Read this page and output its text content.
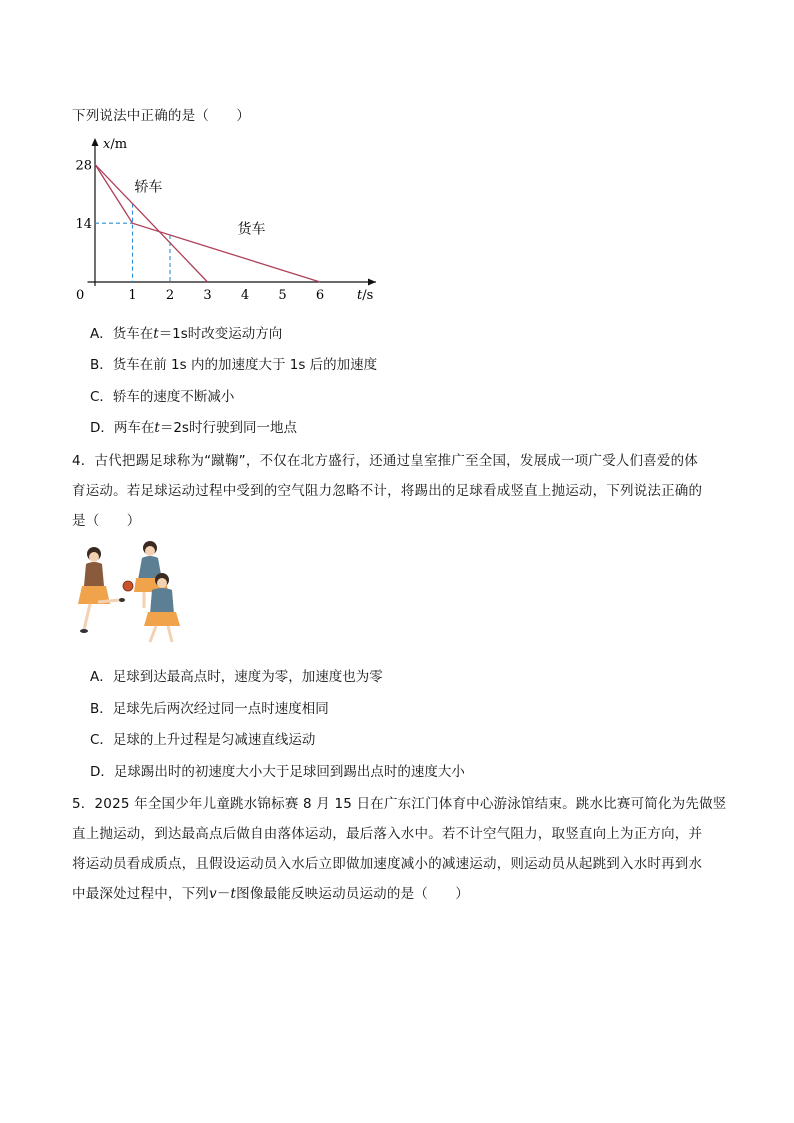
下列说法中正确的是（　　）
x/m
t/s
0	1 2 3 4 5 6
14
28
轿车
货车
A．货车在t＝1s时改变运动方向
B．货车在前 1s 内的加速度大于 1s 后的加速度
C．轿车的速度不断减小
D．两车在t＝2s时行驶到同一地点
4．古代把踢足球称为“蹴鞠”，不仅在北方盛行，还通过皇室推广至全国，发展成一项广受人们喜爱的体
育运动。若足球运动过程中受到的空气阻力忽略不计，将踢出的足球看成竖直上抛运动，下列说法正确的
是（　　）
A．足球到达最高点时，速度为零，加速度也为零
B．足球先后两次经过同一点时速度相同
C．足球的上升过程是匀减速直线运动
D．足球踢出时的初速度大小大于足球回到踢出点时的速度大小
5．2025 年全国少年儿童跳水锦标赛 8 月 15 日在广东江门体育中心游泳馆结束。跳水比赛可简化为先做竖
直上抛运动，到达最高点后做自由落体运动，最后落入水中。若不计空气阻力，取竖直向上为正方向，并
将运动员看成质点，且假设运动员入水后立即做加速度减小的减速运动，则运动员从起跳到入水时再到水
中最深处过程中，下列v－t图像最能反映运动员运动的是（　　）
